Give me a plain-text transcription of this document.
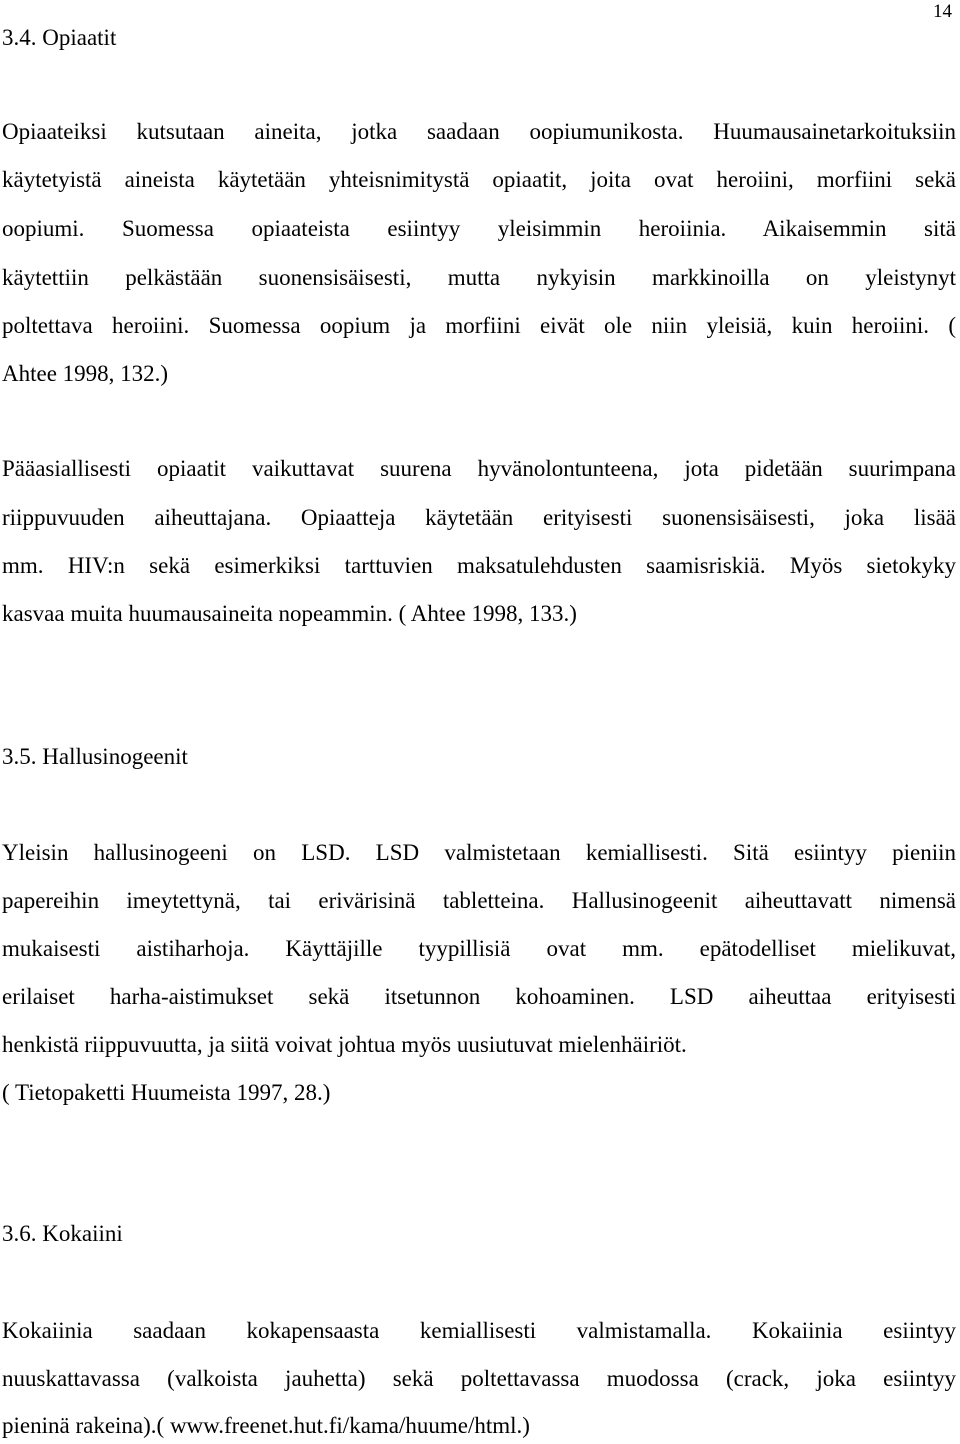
14
3.4. Opiaatit
Opiaateiksi kutsutaan aineita, jotka saadaan oopiumunikosta. Huumausainetarkoituksiin
käytetyistä aineista käytetään yhteisnimitystä opiaatit, joita ovat heroiini, morfiini sekä
oopiumi. Suomessa opiaateista esiintyy yleisimmin heroiinia. Aikaisemmin sitä
käytettiin pelkästään suonensisäisesti, mutta nykyisin markkinoilla on yleistynyt
poltettava heroiini. Suomessa oopium ja morfiini eivät ole niin yleisiä, kuin heroiini. (
Ahtee 1998, 132.)
Pääasiallisesti opiaatit vaikuttavat suurena hyvänolontunteena, jota pidetään suurimpana
riippuvuuden aiheuttajana. Opiaatteja käytetään erityisesti suonensisäisesti, joka lisää
mm. HIV:n sekä esimerkiksi tarttuvien maksatulehdusten saamisriskiä. Myös sietokyky
kasvaa muita huumausaineita nopeammin. ( Ahtee 1998, 133.)
3.5. Hallusinogeenit
Yleisin hallusinogeeni on LSD. LSD valmistetaan kemiallisesti. Sitä esiintyy pieniin
papereihin imeytettynä, tai erivärisinä tabletteina. Hallusinogeenit aiheuttavatt nimensä
mukaisesti aistiharhoja. Käyttäjille tyypillisiä ovat mm. epätodelliset mielikuvat,
erilaiset harha-aistimukset sekä itsetunnon kohoaminen. LSD aiheuttaa erityisesti
henkistä riippuvuutta, ja siitä voivat johtua myös uusiutuvat mielenhäiriöt.
( Tietopaketti Huumeista 1997, 28.)
3.6. Kokaiini
Kokaiinia saadaan kokapensaasta kemiallisesti valmistamalla. Kokaiinia esiintyy
nuuskattavassa (valkoista jauhetta) sekä poltettavassa muodossa (crack, joka esiintyy
pieninä rakeina).( www.freenet.hut.fi/kama/huume/html.)
